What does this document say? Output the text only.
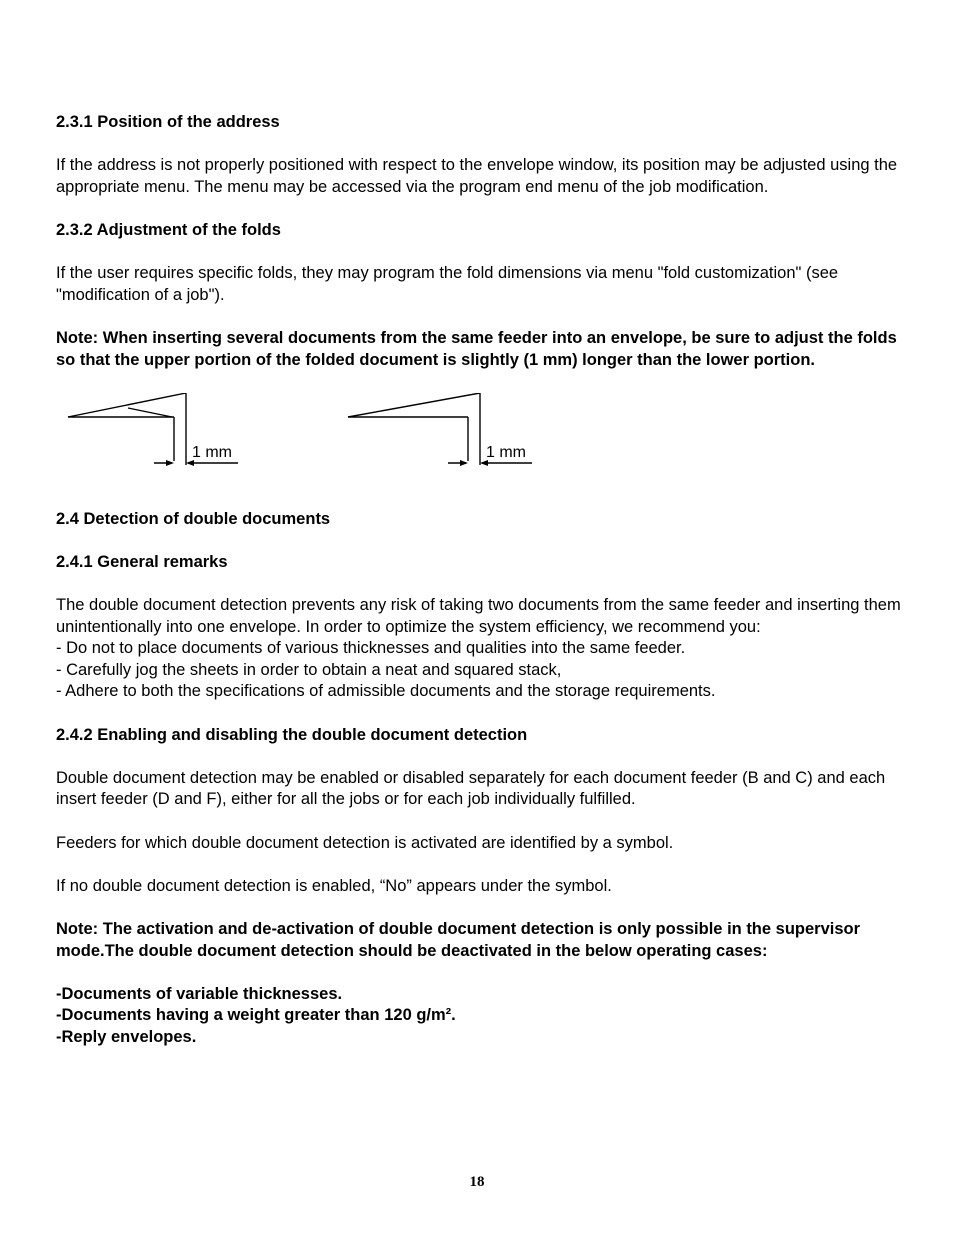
2.3.1 Position of the address

If the address is not properly positioned with respect to the envelope window, its position may be adjusted using the appropriate menu. The menu may be accessed via the program end menu of the job modification.

2.3.2 Adjustment of the folds

If the user requires specific folds, they may program the fold dimensions via menu "fold customization" (see "modification of a job").

Note: When inserting several documents from the same feeder into an envelope, be sure to adjust the folds so that the upper portion of the folded document is slightly (1 mm) longer than the lower portion.

1 mm	1 mm
2.4 Detection of double documents
2.4.1 General remarks

The double document detection prevents any risk of taking two documents from the same feeder and inserting them unintentionally into one envelope. In order to optimize the system efficiency, we recommend you:

- Do not to place documents of various thicknesses and qualities into the same feeder.

- Carefully jog the sheets in order to obtain a neat and squared stack,

- Adhere to both the specifications of admissible documents and the storage requirements.

2.4.2 Enabling and disabling the double document detection

Double document detection may be enabled or disabled separately for each document feeder (B and C) and each insert feeder (D and F), either for all the jobs or for each job individually fulfilled.

Feeders for which double document detection is activated are identified by a symbol.

If no double document detection is enabled, “No” appears under the symbol.

Note: The activation and de-activation of double document detection is only possible in the supervisor mode.The double document detection should be deactivated in the below operating cases:

-Documents of variable thicknesses.

-Documents having a weight greater than 120 g/m².

-Reply envelopes.

18
